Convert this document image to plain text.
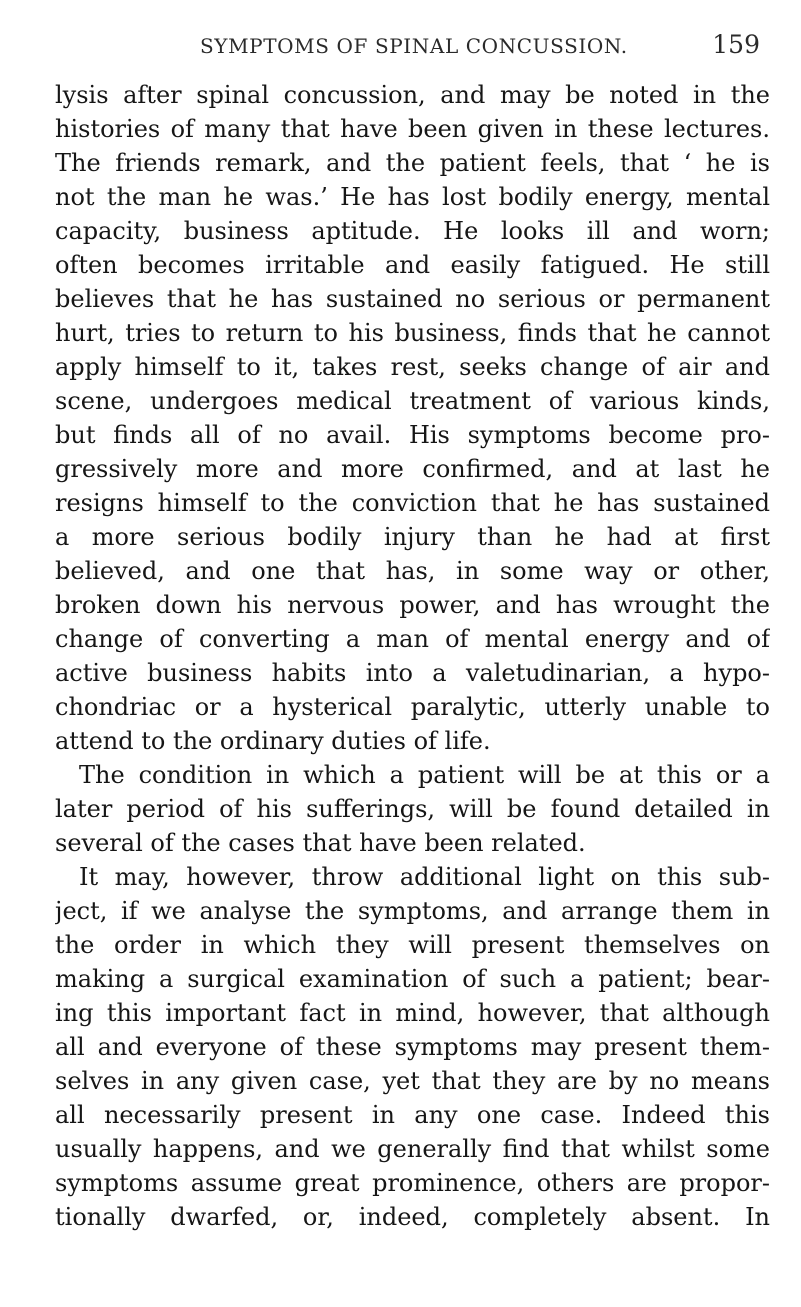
SYMPTOMS OF SPINAL CONCUSSION.	159
lysis after spinal concussion, and may be noted in the
histories of many that have been given in these lectures.
The friends remark, and the patient feels, that ‘ he is
not the man he was.’ He has lost bodily energy, mental
capacity, business aptitude. He looks ill and worn;
often becomes irritable and easily fatigued. He still
believes that he has sustained no serious or permanent
hurt, tries to return to his business, finds that he cannot
apply himself to it, takes rest, seeks change of air and
scene, undergoes medical treatment of various kinds,
but finds all of no avail. His symptoms become pro-
gressively more and more confirmed, and at last he
resigns himself to the conviction that he has sustained
a more serious bodily injury than he had at first
believed, and one that has, in some way or other,
broken down his nervous power, and has wrought the
change of converting a man of mental energy and of
active business habits into a valetudinarian, a hypo-
chondriac or a hysterical paralytic, utterly unable to
attend to the ordinary duties of life.
The condition in which a patient will be at this or a
later period of his sufferings, will be found detailed in
several of the cases that have been related.
It may, however, throw additional light on this sub-
ject, if we analyse the symptoms, and arrange them in
the order in which they will present themselves on
making a surgical examination of such a patient; bear-
ing this important fact in mind, however, that although
all and everyone of these symptoms may present them-
selves in any given case, yet that they are by no means
all necessarily present in any one case. Indeed this
usually happens, and we generally find that whilst some
symptoms assume great prominence, others are propor-
tionally dwarfed, or, indeed, completely absent. In
